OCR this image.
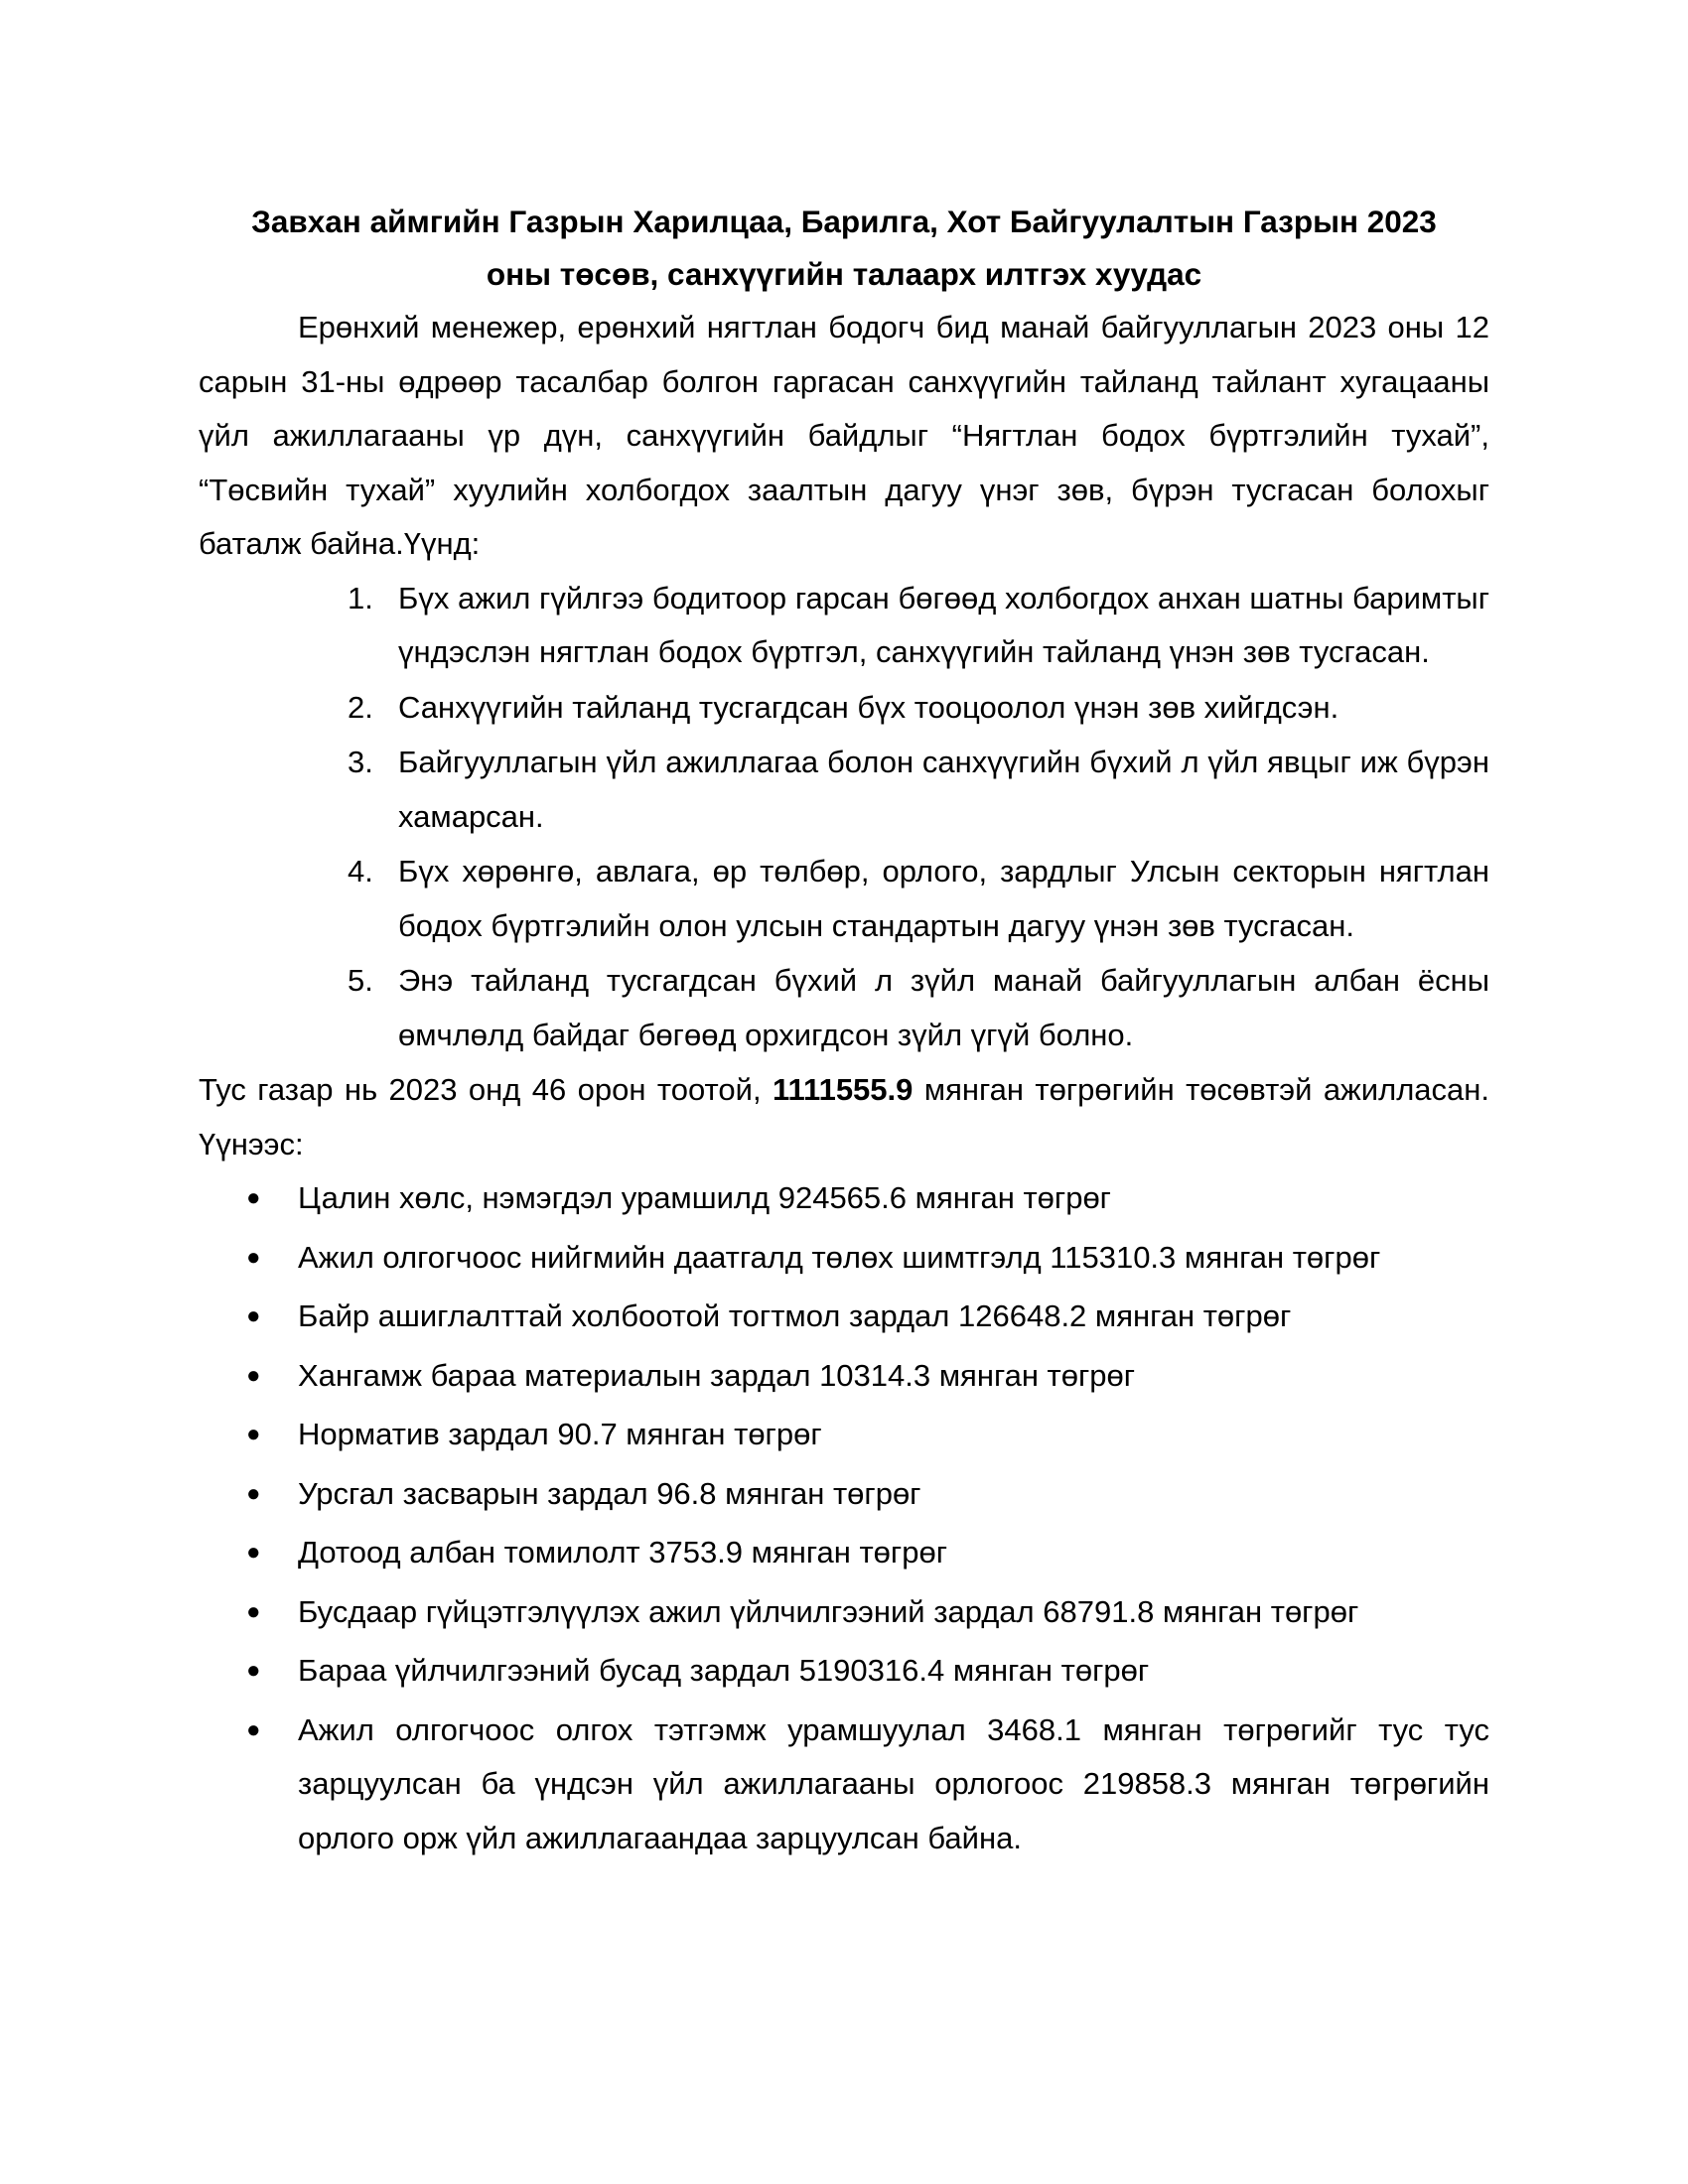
Завхан аймгийн Газрын Харилцаа, Барилга, Хот Байгуулалтын Газрын 2023
оны төсөв, санхүүгийн талаарх илтгэх хуудас

Ерөнхий менежер, ерөнхий нягтлан бодогч бид манай байгууллагын 2023 оны 12 сарын 31-ны өдрөөр тасалбар болгон гаргасан санхүүгийн тайланд тайлант хугацааны үйл ажиллагааны үр дүн, санхүүгийн байдлыг “Нягтлан бодох бүртгэлийн тухай”, “Төсвийн тухай” хуулийн холбогдох заалтын дагуу үнэг зөв, бүрэн тусгасан болохыг баталж байна.Үүнд:

1. Бүх ажил гүйлгээ бодитоор гарсан бөгөөд холбогдох анхан шатны баримтыг үндэслэн нягтлан бодох бүртгэл, санхүүгийн тайланд үнэн зөв тусгасан.
2. Санхүүгийн тайланд тусгагдсан бүх тооцоолол үнэн зөв хийгдсэн.
3. Байгууллагын үйл ажиллагаа болон санхүүгийн бүхий л үйл явцыг иж бүрэн хамарсан.
4. Бүх хөрөнгө, авлага, өр төлбөр, орлого, зардлыг Улсын секторын нягтлан бодох бүртгэлийн олон улсын стандартын дагуу үнэн зөв тусгасан.
5. Энэ тайланд тусгагдсан бүхий л зүйл манай байгууллагын албан ёсны өмчлөлд байдаг бөгөөд орхигдсон зүйл үгүй болно.

Тус газар нь 2023 онд 46 орон тоотой, 1111555.9 мянган төгрөгийн төсөвтэй ажилласан. Үүнээс:

● Цалин хөлс, нэмэгдэл урамшилд 924565.6 мянган төгрөг
● Ажил олгогчоос нийгмийн даатгалд төлөх шимтгэлд 115310.3 мянган төгрөг
● Байр ашиглалттай холбоотой тогтмол зардал 126648.2 мянган төгрөг
● Хангамж бараа материалын зардал 10314.3 мянган төгрөг
● Норматив зардал 90.7 мянган төгрөг
● Урсгал засварын зардал 96.8 мянган төгрөг
● Дотоод албан томилолт 3753.9 мянган төгрөг
● Бусдаар гүйцэтгэлүүлэх ажил үйлчилгээний зардал 68791.8 мянган төгрөг
● Бараа үйлчилгээний бусад зардал 5190316.4 мянган төгрөг
● Ажил олгогчоос олгох тэтгэмж урамшуулал 3468.1 мянган төгрөгийг тус тус зарцуулсан ба үндсэн үйл ажиллагааны орлогоос 219858.3 мянган төгрөгийн орлого орж үйл ажиллагаандаа зарцуулсан байна.
